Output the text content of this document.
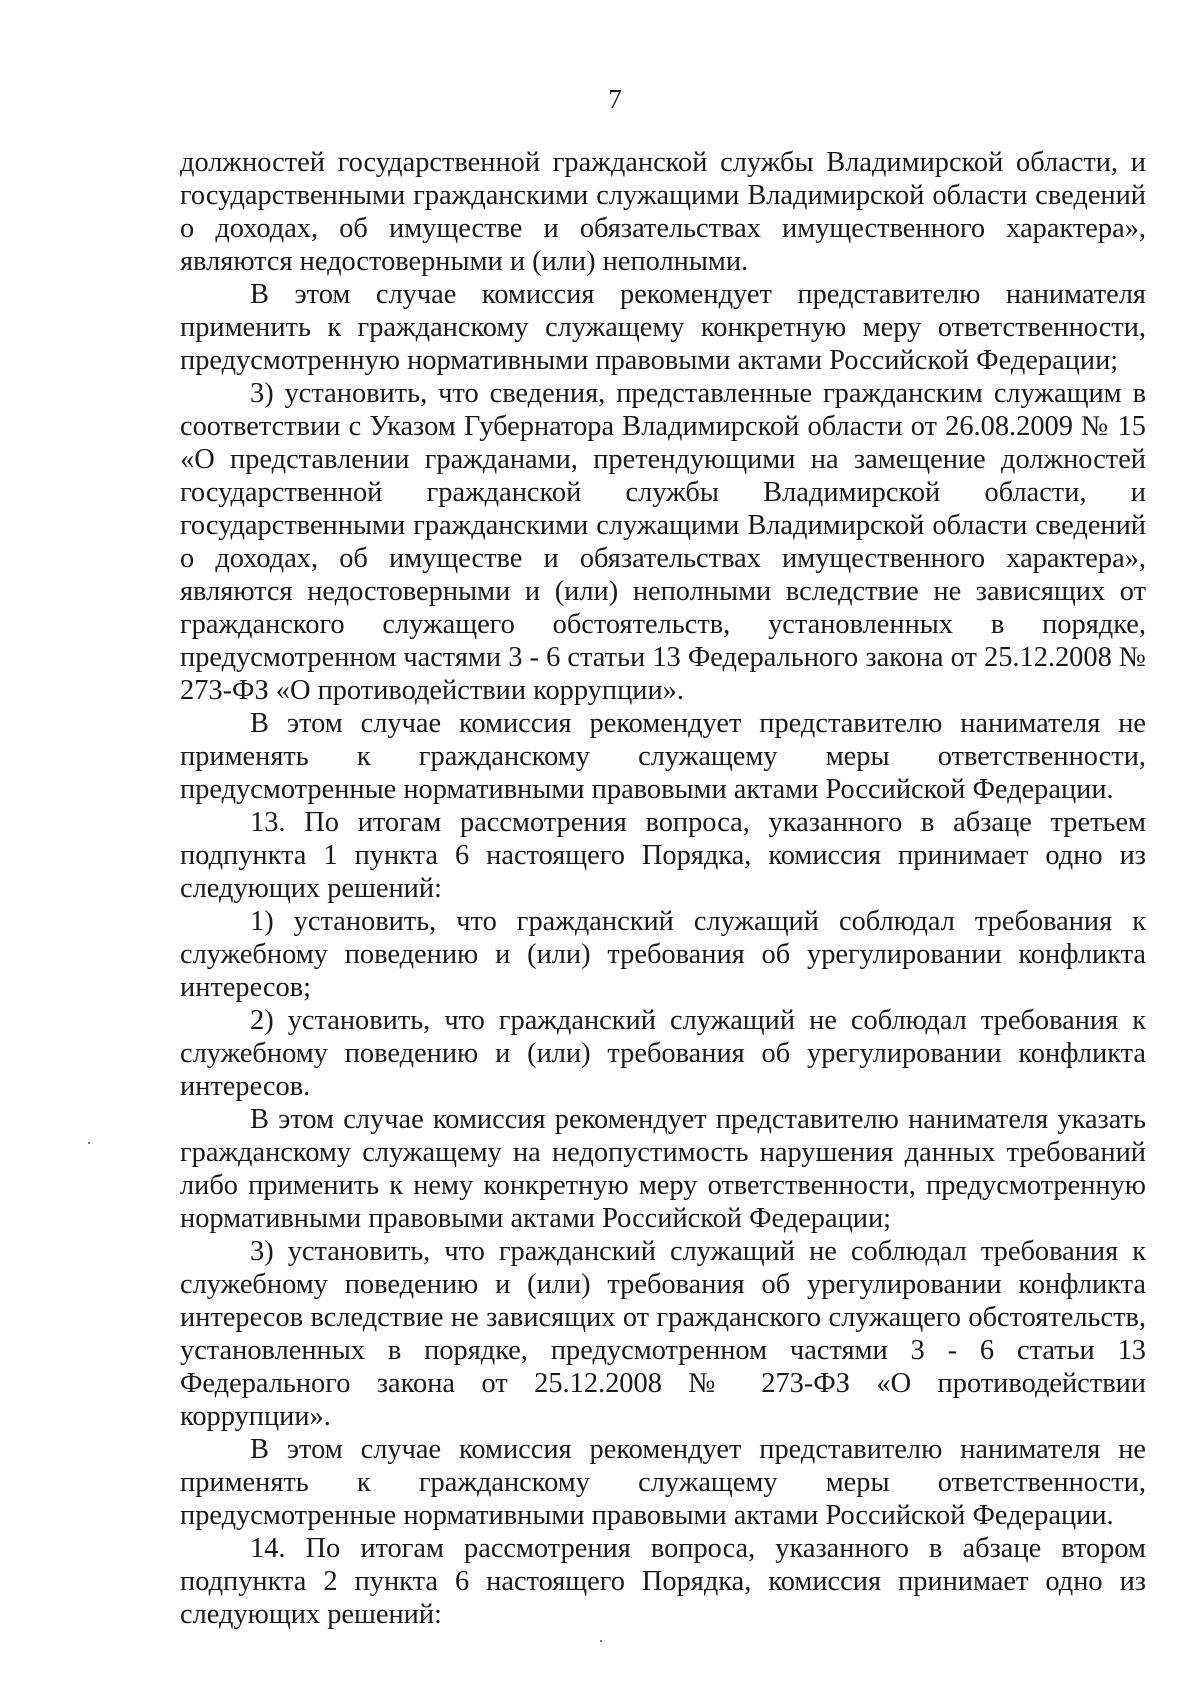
7

должностей государственной гражданской службы Владимирской области, и государственными гражданскими служащими Владимирской области сведений о доходах, об имуществе и обязательствах имущественного характера», являются недостоверными и (или) неполными.

В этом случае комиссия рекомендует представителю нанимателя применить к гражданскому служащему конкретную меру ответственности, предусмотренную нормативными правовыми актами Российской Федерации;

3) установить, что сведения, представленные гражданским служащим в соответствии с Указом Губернатора Владимирской области от 26.08.2009 № 15 «О представлении гражданами, претендующими на замещение должностей государственной гражданской службы Владимирской области, и государственными гражданскими служащими Владимирской области сведений о доходах, об имуществе и обязательствах имущественного характера», являются недостоверными и (или) неполными вследствие не зависящих от гражданского служащего обстоятельств, установленных в порядке, предусмотренном частями 3 - 6 статьи 13 Федерального закона от 25.12.2008 № 273-ФЗ «О противодействии коррупции».

В этом случае комиссия рекомендует представителю нанимателя не применять к гражданскому служащему меры ответственности, предусмотренные нормативными правовыми актами Российской Федерации.

13. По итогам рассмотрения вопроса, указанного в абзаце третьем подпункта 1 пункта 6 настоящего Порядка, комиссия принимает одно из следующих решений:

1) установить, что гражданский служащий соблюдал требования к служебному поведению и (или) требования об урегулировании конфликта интересов;

2) установить, что гражданский служащий не соблюдал требования к служебному поведению и (или) требования об урегулировании конфликта интересов.

В этом случае комиссия рекомендует представителю нанимателя указать гражданскому служащему на недопустимость нарушения данных требований либо применить к нему конкретную меру ответственности, предусмотренную нормативными правовыми актами Российской Федерации;

3) установить, что гражданский служащий не соблюдал требования к служебному поведению и (или) требования об урегулировании конфликта интересов вследствие не зависящих от гражданского служащего обстоятельств, установленных в порядке, предусмотренном частями 3 - 6 статьи 13 Федерального закона от 25.12.2008 № 273-ФЗ «О противодействии коррупции».

В этом случае комиссия рекомендует представителю нанимателя не применять к гражданскому служащему меры ответственности, предусмотренные нормативными правовыми актами Российской Федерации.

14. По итогам рассмотрения вопроса, указанного в абзаце втором подпункта 2 пункта 6 настоящего Порядка, комиссия принимает одно из следующих решений:
